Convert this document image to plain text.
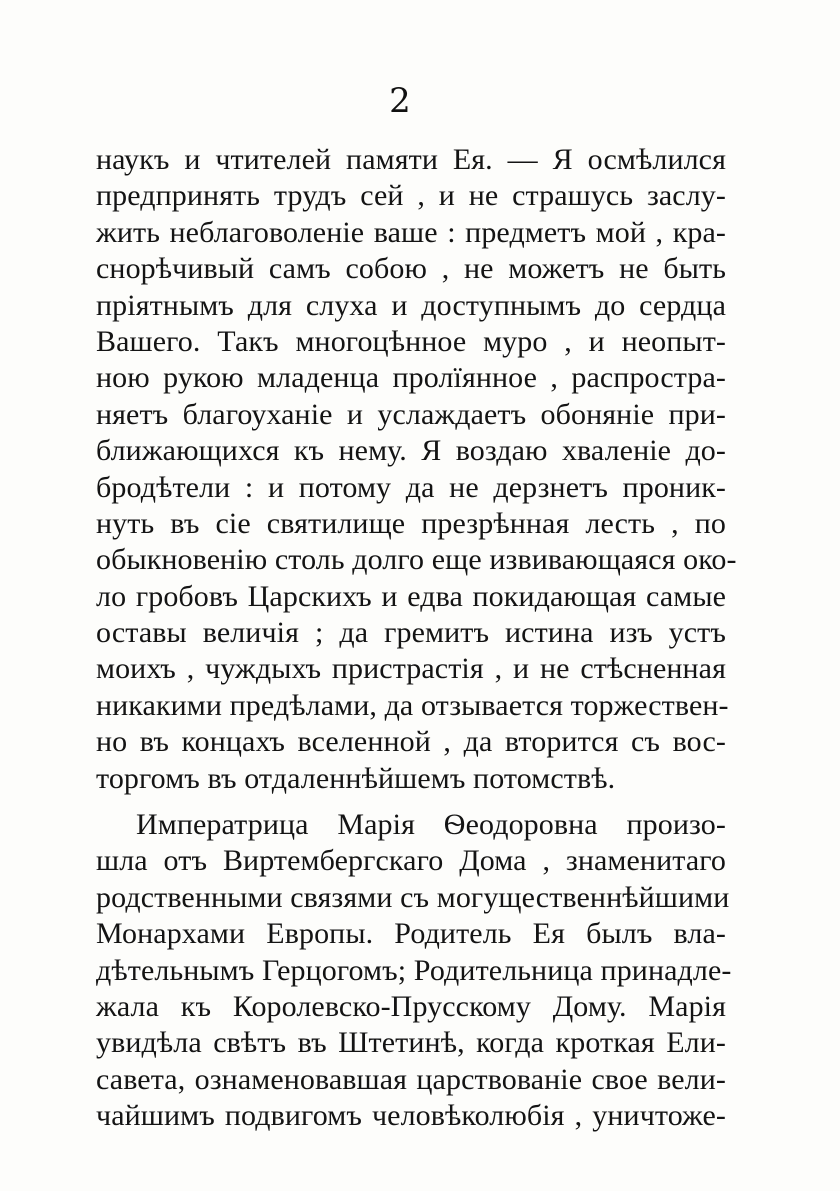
2
наукъ и чтителей памяти Ея. — Я осмѣлился
предпринять трудъ сей , и не страшусь заслу-
жить неблаговоленіе ваше : предметъ мой , кра-
снорѣчивый самъ собою , не можетъ не быть
пріятнымъ для слуха и доступнымъ до сердца
Вашего. Такъ многоцѣнное муро , и неопыт-
ною рукою младенца пролїянное , распростра-
няетъ благоуханіе и услаждаетъ обоняніе при-
ближающихся къ нему. Я воздаю хваленіе до-
бродѣтели : и потому да не дерзнетъ проник-
нуть въ сіе святилище презрѣнная лесть , по
обыкновенію столь долго еще извивающаяся око-
ло гробовъ Царскихъ и едва покидающая самые
оставы величія ; да гремитъ истина изъ устъ
моихъ , чуждыхъ пристрастія , и не стѣсненная
никакими предѣлами, да отзывается торжествен-
но въ концахъ вселенной , да вторится съ вос-
торгомъ въ отдаленнѣйшемъ потомствѣ.
Императрица Марія Ѳеодоровна произо-
шла отъ Виртембергскаго Дома , знаменитаго
родственными связями съ могущественнѣйшими
Монархами Европы. Родитель Ея былъ вла-
дѣтельнымъ Герцогомъ; Родительница принадле-
жала къ Королевско-Прусскому Дому. Марія
увидѣла свѣтъ въ Штетинѣ, когда кроткая Ели-
савета, ознаменовавшая царствованіе свое вели-
чайшимъ подвигомъ человѣколюбія , уничтоже-
